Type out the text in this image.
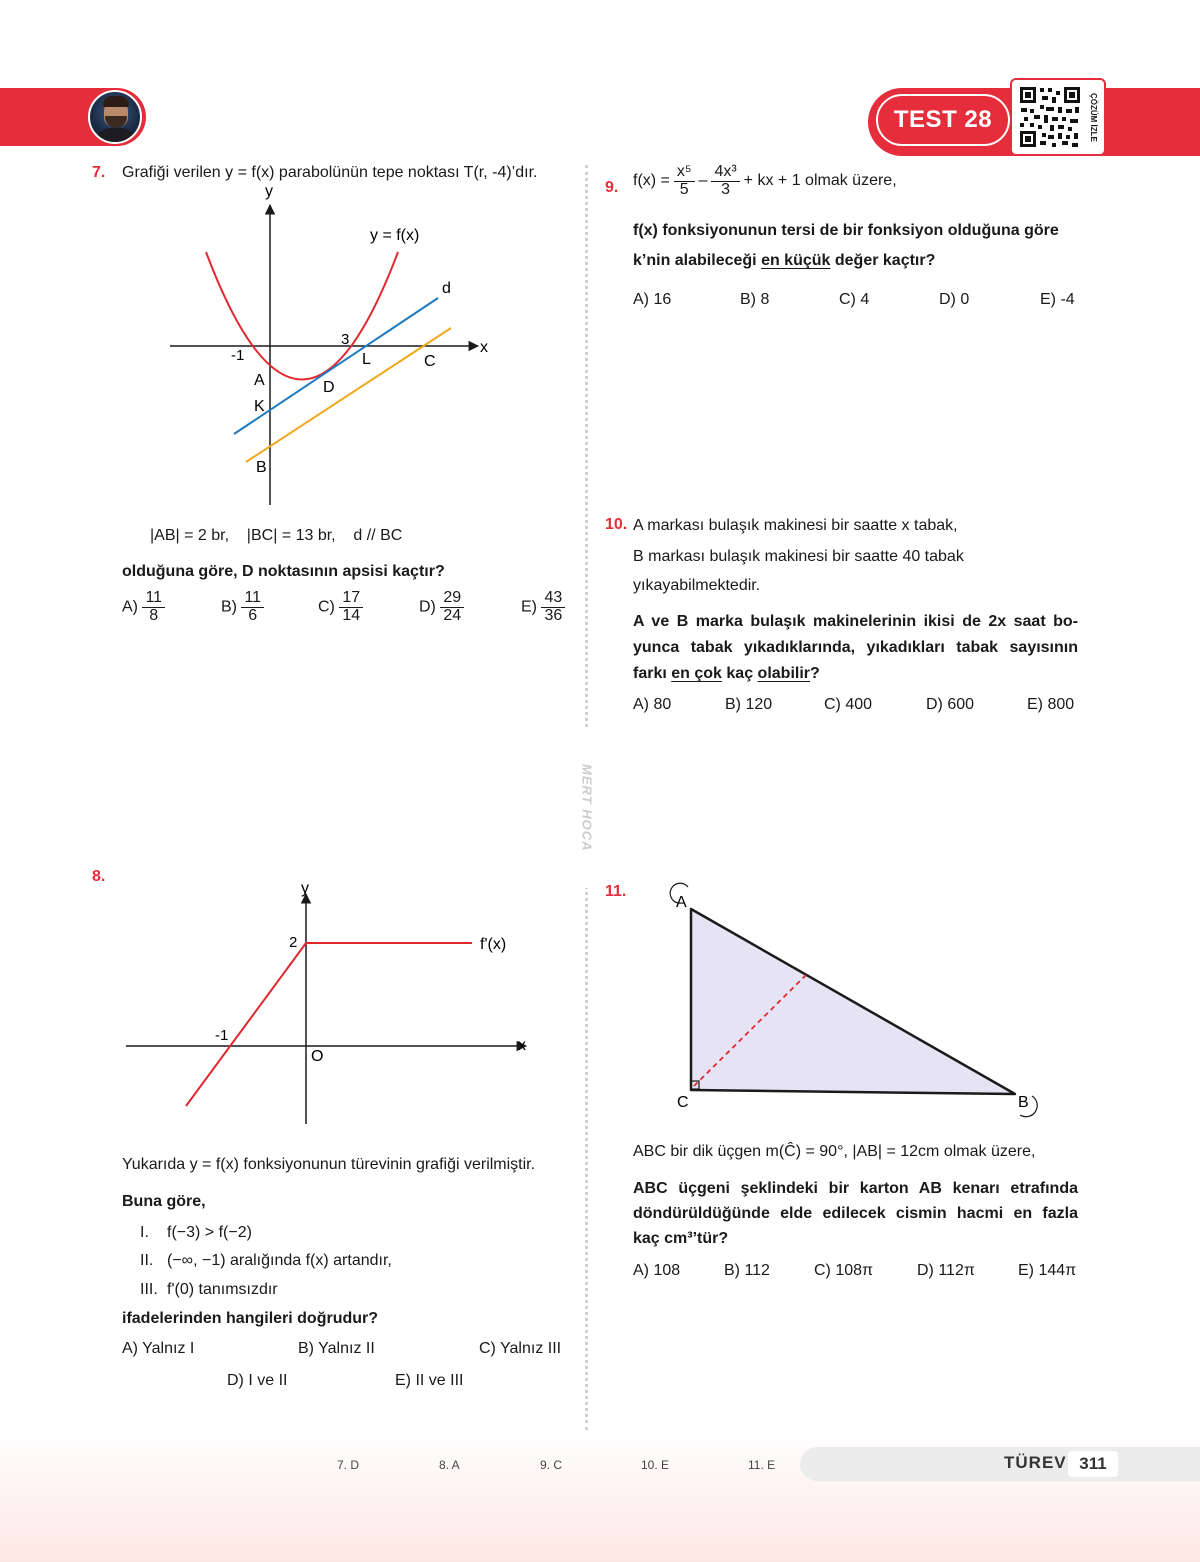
TEST 28	ÇÖZÜM İZLE
MERT HOCA
7. Grafiği verilen y = f(x) parabolünün tepe noktası T(r, -4)’dır.
y
x
y = f(x)
d
-1
3
A
K
B
D
L	C
|AB| = 2 br,    |BC| = 13 br,    d // BC
olduğuna göre, D noktasının apsisi kaçtır?
$A) \frac{11}{8}$	$B) \frac{11}{6}$	$C) \frac{17}{14}$	$D) \frac{29}{24}$	$E) \frac{43}{36}$
8.
y
x
O
2
-1
f'(x)
Yukarıda y = f(x) fonksiyonunun türevinin grafiği verilmiştir.
Buna göre,
I. f(−3) > f(−2)
II. (−∞, −1) aralığında f(x) artandır,
III. f'(0) tanımsızdır
ifadelerinden hangileri doğrudur?
A) Yalnız I	B) Yalnız II	C) Yalnız III
D) I ve II	E) II ve III
9. $f(x) = \frac{\text{x⁵}}{5} - \frac{\text{4x³}}{3}$ + kx + 1 olmak üzere,
f(x) fonksiyonunun tersi de bir fonksiyon olduğuna göre
k’nin alabileceği en küçük değer kaçtır?
A) 16	B) 8	C) 4	D) 0	E) -4
10. A markası bulaşık makinesi bir saatte x tabak,
B markası bulaşık makinesi bir saatte 40 tabak
yıkayabilmektedir.
A ve B marka bulaşık makinelerinin ikisi de 2x saat bo-
yunca tabak yıkadıklarında, yıkadıkları tabak sayısının
farkı en çok kaç olabilir?
A) 80	B) 120	C) 400	D) 600	E) 800
11.
A
C	B
ABC bir dik üçgen m(Ĉ) = 90°, |AB| = 12cm olmak üzere,
ABC üçgeni şeklindeki bir karton AB kenarı etrafında
döndürüldüğünde elde edilecek cismin hacmi en fazla
kaç cm³’tür?
A) 108	B) 112	C) 108π	D) 112π	E) 144π
7. D	8. A	9. C	10. E	11. E	TÜREV 311
